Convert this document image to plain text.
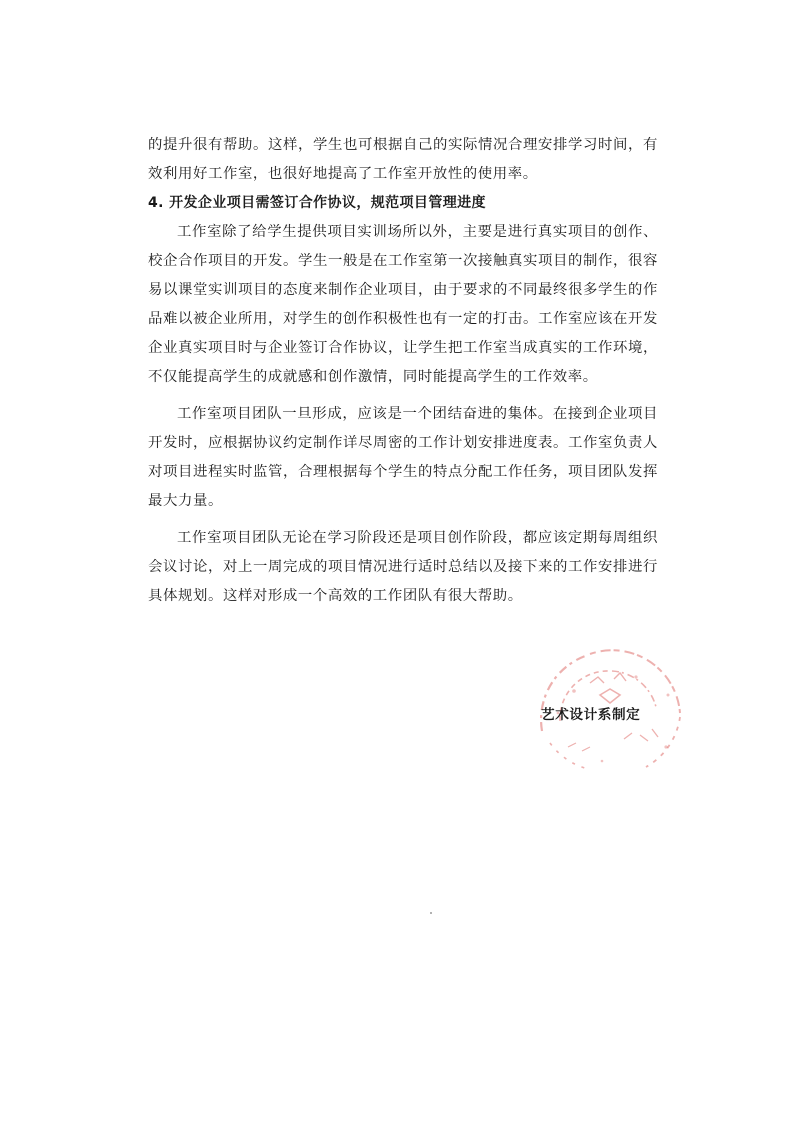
的提升很有帮助。这样，学生也可根据自己的实际情况合理安排学习时间，有效利用好工作室，也很好地提高了工作室开放性的使用率。

4. 开发企业项目需签订合作协议，规范项目管理进度

工作室除了给学生提供项目实训场所以外，主要是进行真实项目的创作、校企合作项目的开发。学生一般是在工作室第一次接触真实项目的制作，很容易以课堂实训项目的态度来制作企业项目，由于要求的不同最终很多学生的作品难以被企业所用，对学生的创作积极性也有一定的打击。工作室应该在开发企业真实项目时与企业签订合作协议，让学生把工作室当成真实的工作环境，不仅能提高学生的成就感和创作激情，同时能提高学生的工作效率。

工作室项目团队一旦形成，应该是一个团结奋进的集体。在接到企业项目开发时，应根据协议约定制作详尽周密的工作计划安排进度表。工作室负责人对项目进程实时监管，合理根据每个学生的特点分配工作任务，项目团队发挥最大力量。

工作室项目团队无论在学习阶段还是项目创作阶段，都应该定期每周组织会议讨论，对上一周完成的项目情况进行适时总结以及接下来的工作安排进行具体规划。这样对形成一个高效的工作团队有很大帮助。

艺术设计系制定
